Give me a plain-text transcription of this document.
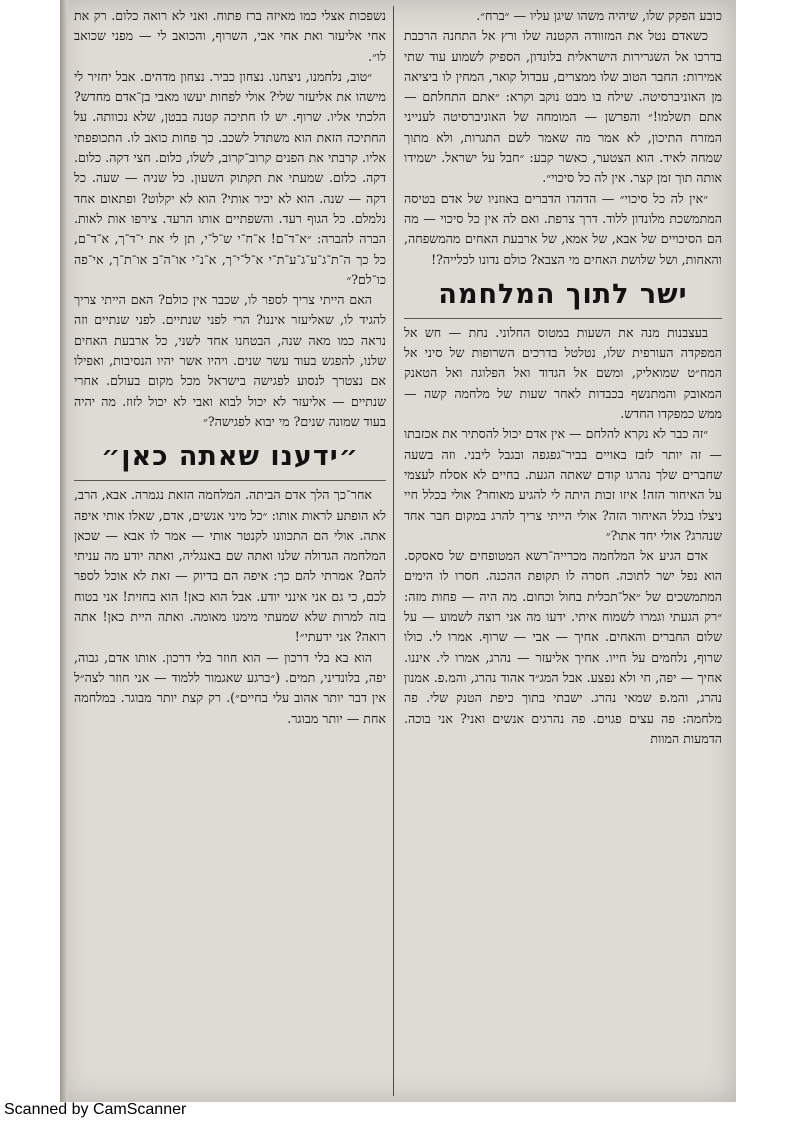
כובע הפקק שלו, שיהיה משהו שיגן עליו — ״ברח״.

כשאדם נטל את המזוודה הקטנה שלו ורץ אל התחנה הרכבת בדרכו אל השגרירות הישראלית בלונדון, הספיק לשמוע עוד שתי אמירות: החבר הטוב שלו ממצרים, עבדול קואר, המחין לו ביציאה מן האוניברסיטה. שילח בו מבט נוקב וקרא: ״אתם התחלתם — אתם תשלמו!״ והפרשן — המומחה של האוניברסיטה לענייני המזרח התיכון, לא אמר מה שאמר לשם התגרות, ולא מתוך שמחה לאיד. הוא הצטער, כאשר קבע: ״חבל על ישראל. ישמידו אותה תוך זמן קצר. אין לה כל סיכוי״.

״אין לה כל סיכוי״ — הדהדו הדברים באוזניו של אדם בטיסה המתמשכת מלונדון ללוד. דרך צרפת. ואם לה אין כל סיכוי — מה הם הסיכויים של אבא, של אמא, של ארבעת האחים מהמשפחה, והאחות, ושל שלושת האחים מי הצבא? כולם נדונו לכלייה?!

ישר לתוך המלחמה

בעצבנות מנה את השעות במטוס החלוני. נחת — חש אל המפקדה העורפית שלו, נטלטל בדרכים השרופות של סיני אל המח״ט שמואליק, ומשם אל הגדוד ואל הפלוגה ואל הטאנק המאובק והמתנשף בכבדות לאחר שעות של מלחמה קשה — ממש כמפקדו החדש.

״זה כבר לא נקרא להלחם — אין אדם יכול להסתיר את אכזבתו — זה יותר לזבז באויים בביר־גפגפה ובגבל ליבני. וזה בשעה שחברים שלך נהרגו קודם שאתה הגעת. בחיים לא אסלח לעצמי על האיחור הזה! איזו זכות היתה לי להגיע מאוחר? אולי בכלל חיי ניצלו בגלל האיחור הזה? אולי הייתי צריך להרג במקום חבר אחד שנהרג? אולי יחד אתו?״

אדם הגיע אל המלחמה מכרייה־רשא המטופחים של סאסקס. הוא נפל ישר לתוכה. חסרה לו תקופת ההכנה. חסרו לו הימים המתמשכים של ״אל־תכלית בחול וכחום. מה היה — פחות מזה: ״רק הגעתי וגמרו לשמוח איתי. ידעו מה אני רוצה לשמוע — על שלום החברים והאחים. אחיך — אבי — שרוף. אמרו לי. כולו שרוף, נלחמים על חייו. אחיך אליעזר — נהרג, אמרו לי. איננו. אחיך — יפה, חי ולא נפצע. אבל המג״ד אהוד נהרג, והמ.פ. אמנון נהרג, והמ.פ שמאי נהרג. ישבתי בתוך כיפת הטנק שלי. פה מלחמה: פה עצים פגוים. פה נהרגים אנשים ואני? אני בוכה. הדמעות המוות

נשפכות אצלי כמו מאיזה ברז פתוח. ואני לא רואה כלום. רק את אחי אליעזר ואת אחי אבי, השרוף, והכואב לי — מפני שכואב לו״.

״טוב, נלחמנו, ניצחנו. נצחון כביר. נצחון מדהים. אבל יחזיר לי מישהו את אליעזר שלי? אולי לפחות יעשו מאבי בן־אדם מחדש? הלכתי אליו. שרוף. יש לו חתיכה קטנה בבטן, שלא נכוותה. על החתיכה הזאת הוא משתדל לשכב. כך פחות כואב לו. התכופפתי אליו. קרבתי את הפנים קרוב־קרוב, לשלו, כלום. חצי דקה. כלום. דקה. כלום. שמעתי את תקתוק השעון. כל שניה — שעה. כל דקה — שנה. הוא לא יכיר אותי? הוא לא יקלוט? ופתאום אחד נלמלם. כל הגוף רעד. והשפתיים אותו הרעד. צירפו אות לאות. הברה להברה: ״א־ד־ם! א־ח־י ש־ל־י, תן לי את י־ד־ך, א־ד־ם, כל כך ה־ת־ג־ע־ג־ע־ת־י א־ל־י־ך, א־נ־י או־ה־ב או־ת־ך, אי־פה כו־לם?״

האם הייתי צריך לספר לו, שכבר אין כולם? האם הייתי צריך להגיד לו, שאליעזר איננו? הרי לפני שנתיים. לפני שנתיים וזה נראה כמו מאה שנה, הבטחנו אחד לשני, כל ארבעת האחים שלנו, להפגש בעוד עשר שנים. ויהיו אשר יהיו הנסיבות, ואפילו אם נצטרך לנסוע לפגישה בישראל מכל מקום בעולם. אחרי שנתיים — אליעזר לא יכול לבוא ואבי לא יכול לזוז. מה יהיה בעוד שמונה שנים? מי יבוא לפגישה?״

״ידענו שאתה כאן״

אחר־כך הלך אדם הביתה. המלחמה הזאת נגמרה. אבא, הרב, לא הופתע לראות אותו: ״כל מיני אנשים, אדם, שאלו אותי איפה אתה. אולי הם התכוונו לקנטר אותי — אמר לו אבא — שכאן המלחמה הגדולה שלנו ואתה שם באנגליה, ואתה יודע מה עניתי להם? אמרתי להם כך: איפה הם בדיוק — זאת לא אוכל לספר לכם, כי גם אני אינני יודע. אבל הוא כאן! הוא בחזית! אני בטוח בזה למרות שלא שמעתי מימנו מאומה. ואתה היית כאן! אתה רואה? אני ידעתי״!

הוא בא בלי דרכון — הוא חוזר בלי דרכון. אותו אדם, גבוה, יפה, בלונדיני, תמים. (״ברגע שאגמור ללמוד — אני חוזר לצה״ל אין דבר יותר אהוב עלי בחיים״). רק קצת יותר מבוגר. במלחמה אחת — יותר מבוגר.

Scanned by CamScanner
